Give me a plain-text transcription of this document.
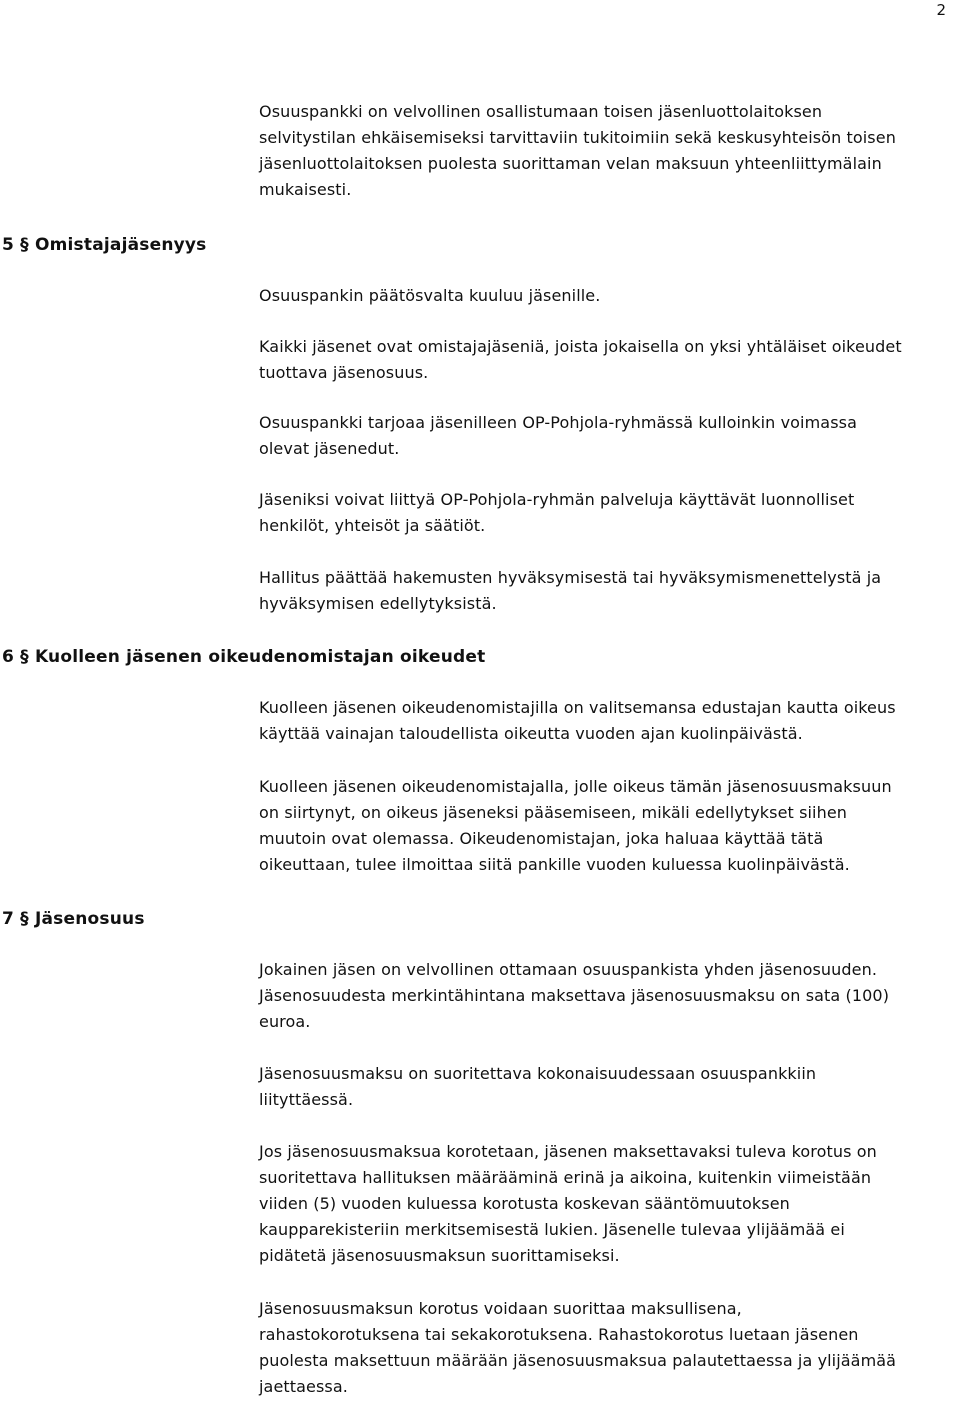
2

Osuuspankki on velvollinen osallistumaan toisen jäsenluottolaitoksen
selvitystilan ehkäisemiseksi tarvittaviin tukitoimiin sekä keskusyhteisön toisen
jäsenluottolaitoksen puolesta suorittaman velan maksuun yhteenliittymälain
mukaisesti.

5 § Omistajajäsenyys

Osuuspankin päätösvalta kuuluu jäsenille.

Kaikki jäsenet ovat omistajajäseniä, joista jokaisella on yksi yhtäläiset oikeudet
tuottava jäsenosuus.

Osuuspankki tarjoaa jäsenilleen OP-Pohjola-ryhmässä kulloinkin voimassa
olevat jäsenedut.

Jäseniksi voivat liittyä OP-Pohjola-ryhmän palveluja käyttävät luonnolliset
henkilöt, yhteisöt ja säätiöt.

Hallitus päättää hakemusten hyväksymisestä tai hyväksymismenettelystä ja
hyväksymisen edellytyksistä.

6 § Kuolleen jäsenen oikeudenomistajan oikeudet

Kuolleen jäsenen oikeudenomistajilla on valitsemansa edustajan kautta oikeus
käyttää vainajan taloudellista oikeutta vuoden ajan kuolinpäivästä.

Kuolleen jäsenen oikeudenomistajalla, jolle oikeus tämän jäsenosuusmaksuun
on siirtynyt, on oikeus jäseneksi pääsemiseen, mikäli edellytykset siihen
muutoin ovat olemassa. Oikeudenomistajan, joka haluaa käyttää tätä
oikeuttaan, tulee ilmoittaa siitä pankille vuoden kuluessa kuolinpäivästä.

7 § Jäsenosuus

Jokainen jäsen on velvollinen ottamaan osuuspankista yhden jäsenosuuden.
Jäsenosuudesta merkintähintana maksettava jäsenosuusmaksu on sata (100)
euroa.

Jäsenosuusmaksu on suoritettava kokonaisuudessaan osuuspankkiin
liityttäessä.

Jos jäsenosuusmaksua korotetaan, jäsenen maksettavaksi tuleva korotus on
suoritettava hallituksen määrääminä erinä ja aikoina, kuitenkin viimeistään
viiden (5) vuoden kuluessa korotusta koskevan sääntömuutoksen
kaupparekisteriin merkitsemisestä lukien. Jäsenelle tulevaa ylijäämää ei
pidätetä jäsenosuusmaksun suorittamiseksi.

Jäsenosuusmaksun korotus voidaan suorittaa maksullisena,
rahastokorotuksena tai sekakorotuksena. Rahastokorotus luetaan jäsenen
puolesta maksettuun määrään jäsenosuusmaksua palautettaessa ja ylijäämää
jaettaessa.
